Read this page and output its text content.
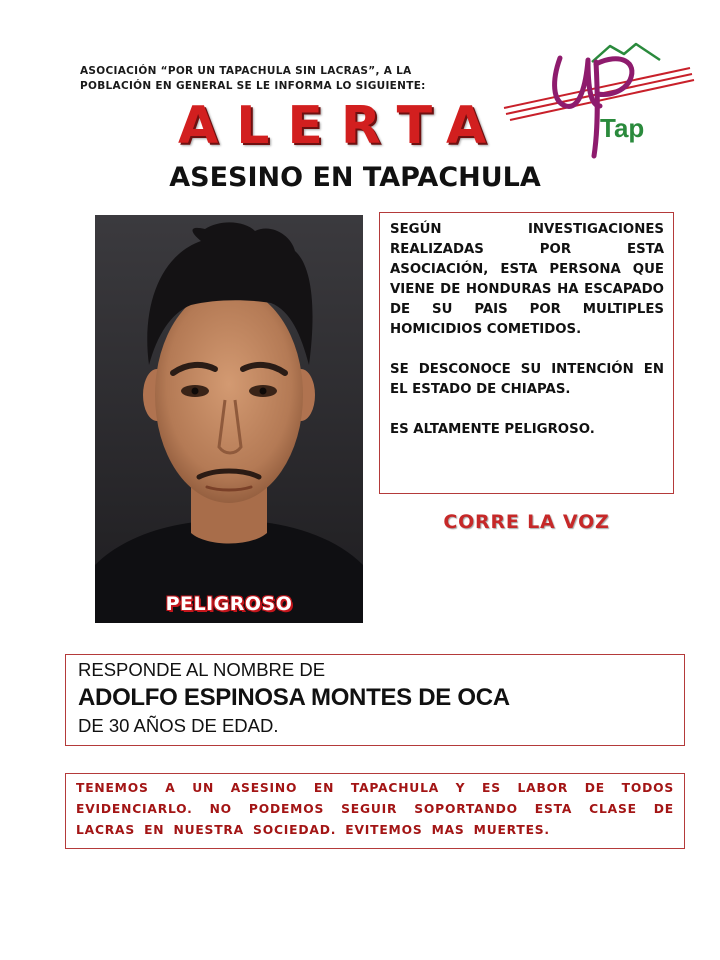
ASOCIACIÓN “POR UN TAPACHULA SIN LACRAS”, A LA
POBLACIÓN EN GENERAL SE LE INFORMA LO SIGUIENTE:

Tap
ALERTA
ASESINO EN TAPACHULA
PELIGROSO

SEGÚN INVESTIGACIONES REALIZADAS POR ESTA ASOCIACIÓN, ESTA PERSONA QUE VIENE DE HONDURAS HA ESCAPADO DE SU PAIS POR MULTIPLES HOMICIDIOS COMETIDOS.

SE DESCONOCE SU INTENCIÓN EN EL ESTADO DE CHIAPAS.

ES ALTAMENTE PELIGROSO.

CORRE LA VOZ

RESPONDE AL NOMBRE DE

ADOLFO ESPINOSA MONTES DE OCA

DE 30 AÑOS DE EDAD.

TENEMOS A UN ASESINO EN TAPACHULA Y ES LABOR DE TODOS EVIDENCIARLO. NO PODEMOS SEGUIR SOPORTANDO ESTA CLASE DE LACRAS EN NUESTRA SOCIEDAD. EVITEMOS MAS MUERTES.
